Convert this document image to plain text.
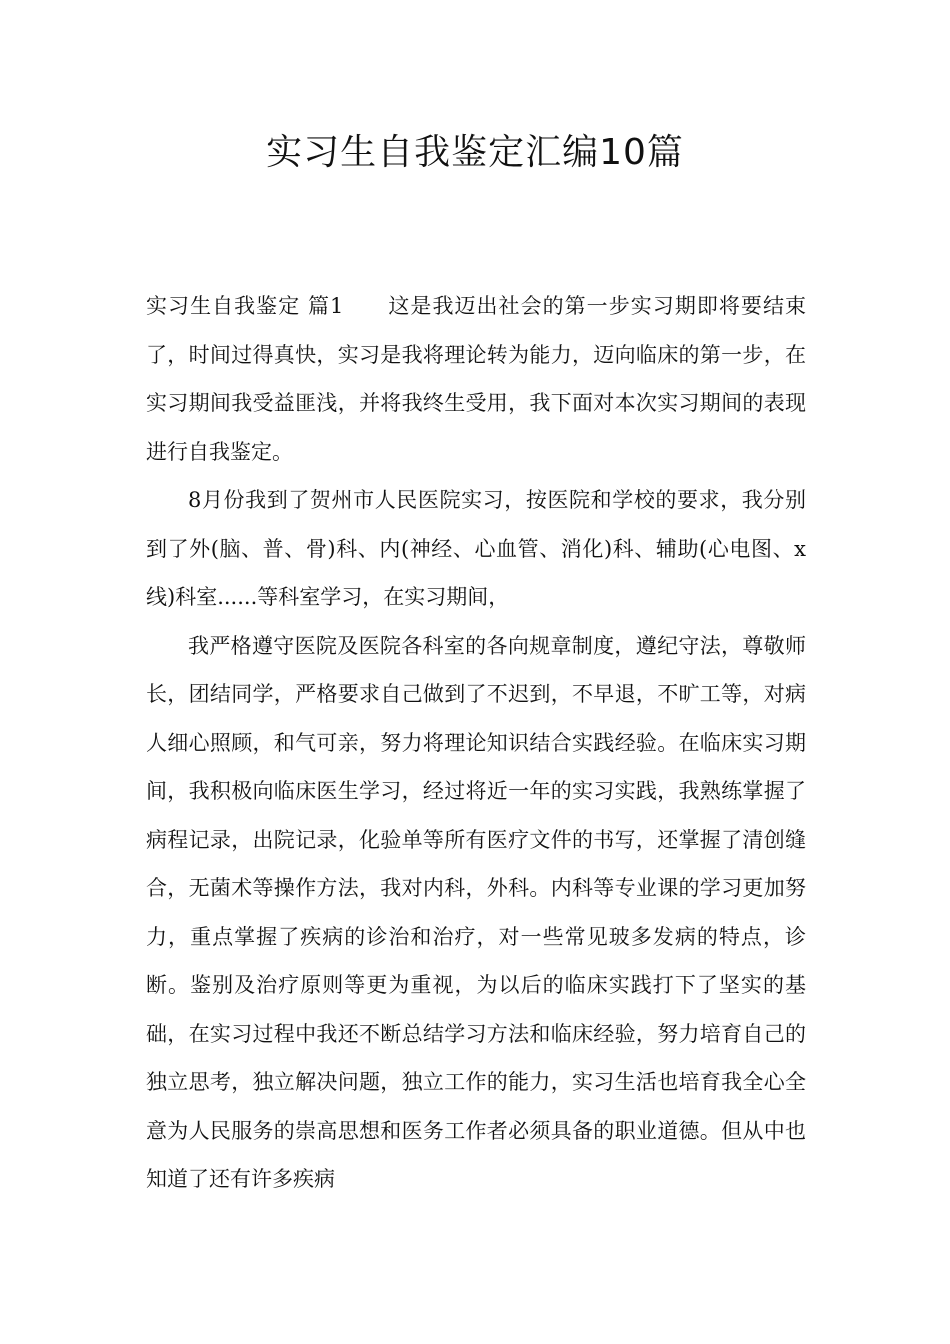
实习生自我鉴定汇编10篇

实习生自我鉴定 篇1 这是我迈出社会的第一步实习期即将要结束了，时间过得真快，实习是我将理论转为能力，迈向临床的第一步，在实习期间我受益匪浅，并将我终生受用，我下面对本次实习期间的表现进行自我鉴定。

8月份我到了贺州市人民医院实习，按医院和学校的要求，我分别到了外(脑、普、骨)科、内(神经、心血管、消化)科、辅助(心电图、x线)科室......等科室学习，在实习期间，

我严格遵守医院及医院各科室的各向规章制度，遵纪守法，尊敬师长，团结同学，严格要求自己做到了不迟到，不早退，不旷工等，对病人细心照顾，和气可亲，努力将理论知识结合实践经验。在临床实习期间，我积极向临床医生学习，经过将近一年的实习实践，我熟练掌握了病程记录，出院记录，化验单等所有医疗文件的书写，还掌握了清创缝合，无菌术等操作方法，我对内科，外科。内科等专业课的学习更加努力，重点掌握了疾病的诊治和治疗，对一些常见玻多发病的特点，诊断。鉴别及治疗原则等更为重视，为以后的临床实践打下了坚实的基础，在实习过程中我还不断总结学习方法和临床经验，努力培育自己的独立思考，独立解决问题，独立工作的能力，实习生活也培育我全心全意为人民服务的崇高思想和医务工作者必须具备的职业道德。但从中也知道了还有许多疾病
